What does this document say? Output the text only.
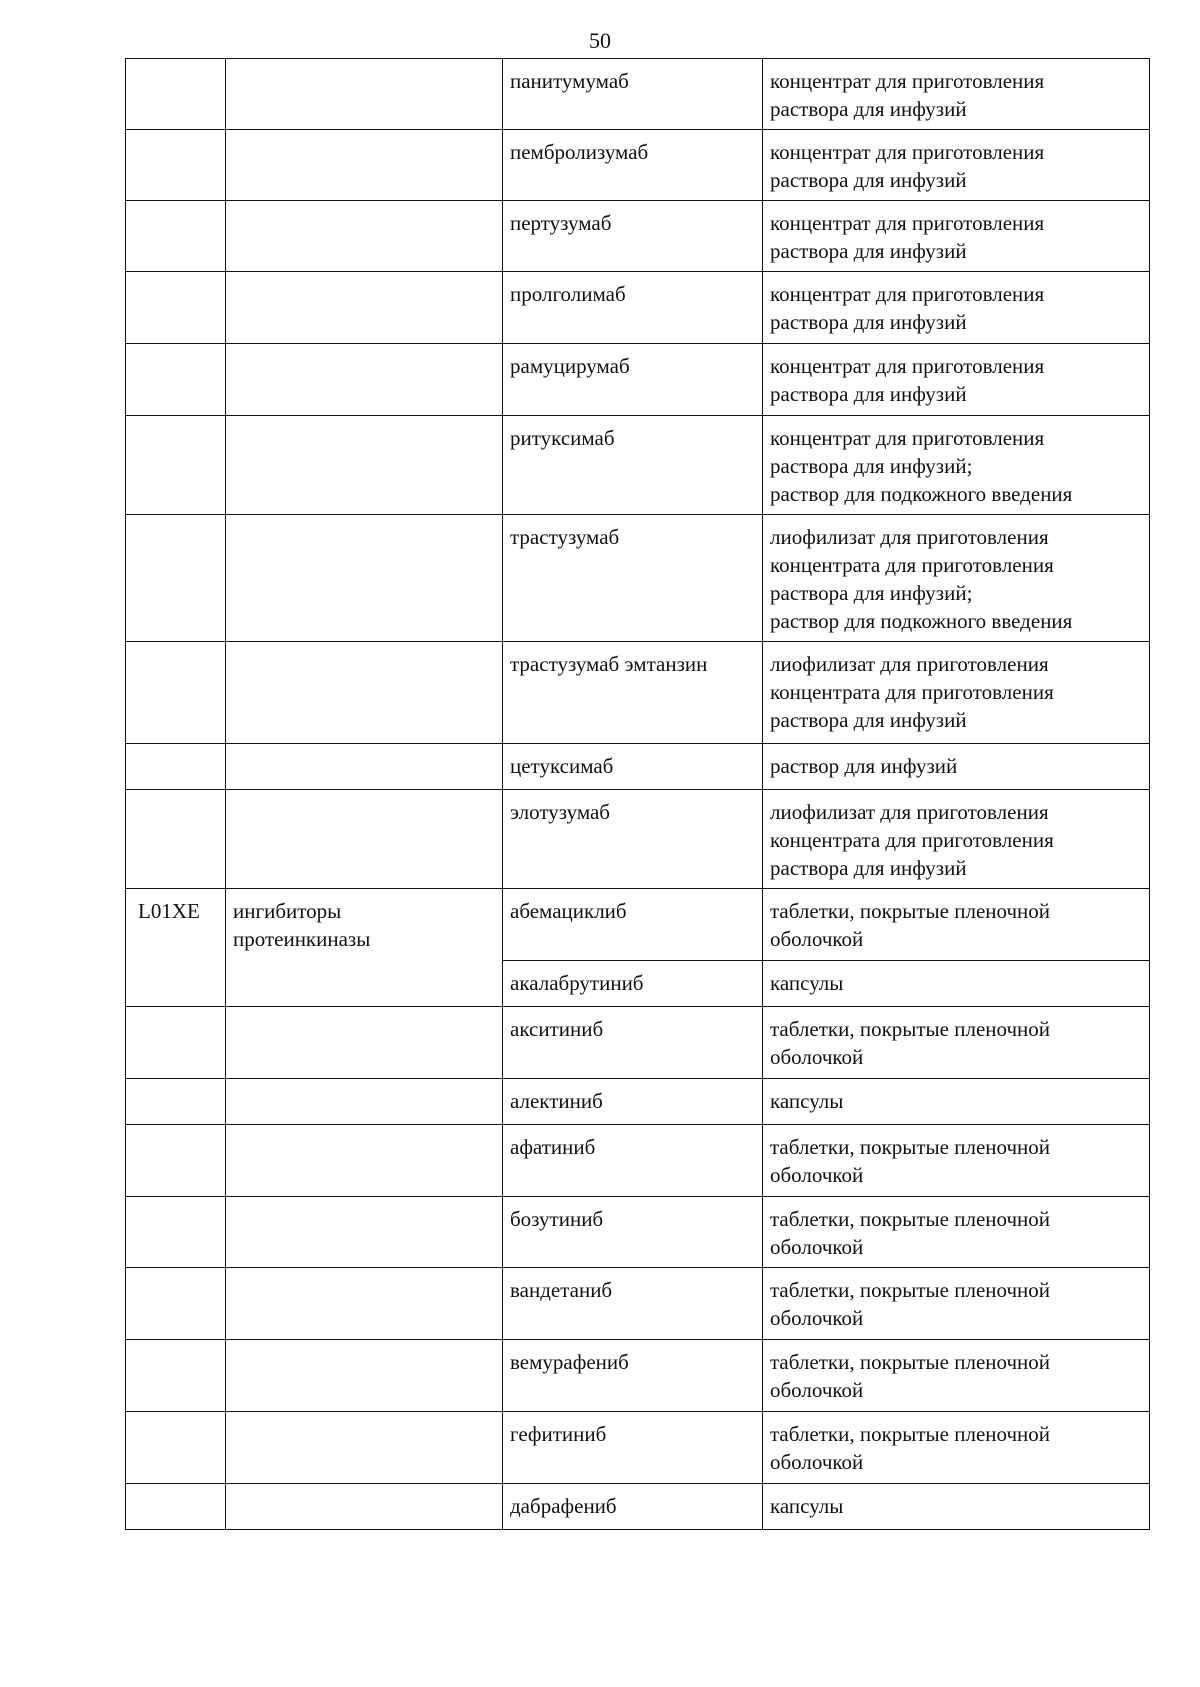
50
		панитумумаб	концентрат для приготовления
раствора для инфузий

		пембролизумаб	концентрат для приготовления
раствора для инфузий

		пертузумаб	концентрат для приготовления
раствора для инфузий

		пролголимаб	концентрат для приготовления
раствора для инфузий

		рамуцирумаб	концентрат для приготовления
раствора для инфузий

		ритуксимаб	концентрат для приготовления
раствора для инфузий;
раствор для подкожного введения

		трастузумаб	лиофилизат для приготовления
концентрата для приготовления
раствора для инфузий;
раствор для подкожного введения

		трастузумаб эмтанзин	лиофилизат для приготовления
концентрата для приготовления
раствора для инфузий

		цетуксимаб	раствор для инфузий

		элотузумаб	лиофилизат для приготовления
концентрата для приготовления
раствора для инфузий

L01XE	ингибиторы
протеинкиназы	абемациклиб	таблетки, покрытые пленочной
оболочкой

		акалабрутиниб	капсулы

		акситиниб	таблетки, покрытые пленочной
оболочкой

		алектиниб	капсулы

		афатиниб	таблетки, покрытые пленочной
оболочкой

		бозутиниб	таблетки, покрытые пленочной
оболочкой

		вандетаниб	таблетки, покрытые пленочной
оболочкой

		вемурафениб	таблетки, покрытые пленочной
оболочкой

		гефитиниб	таблетки, покрытые пленочной
оболочкой

		дабрафениб	капсулы
